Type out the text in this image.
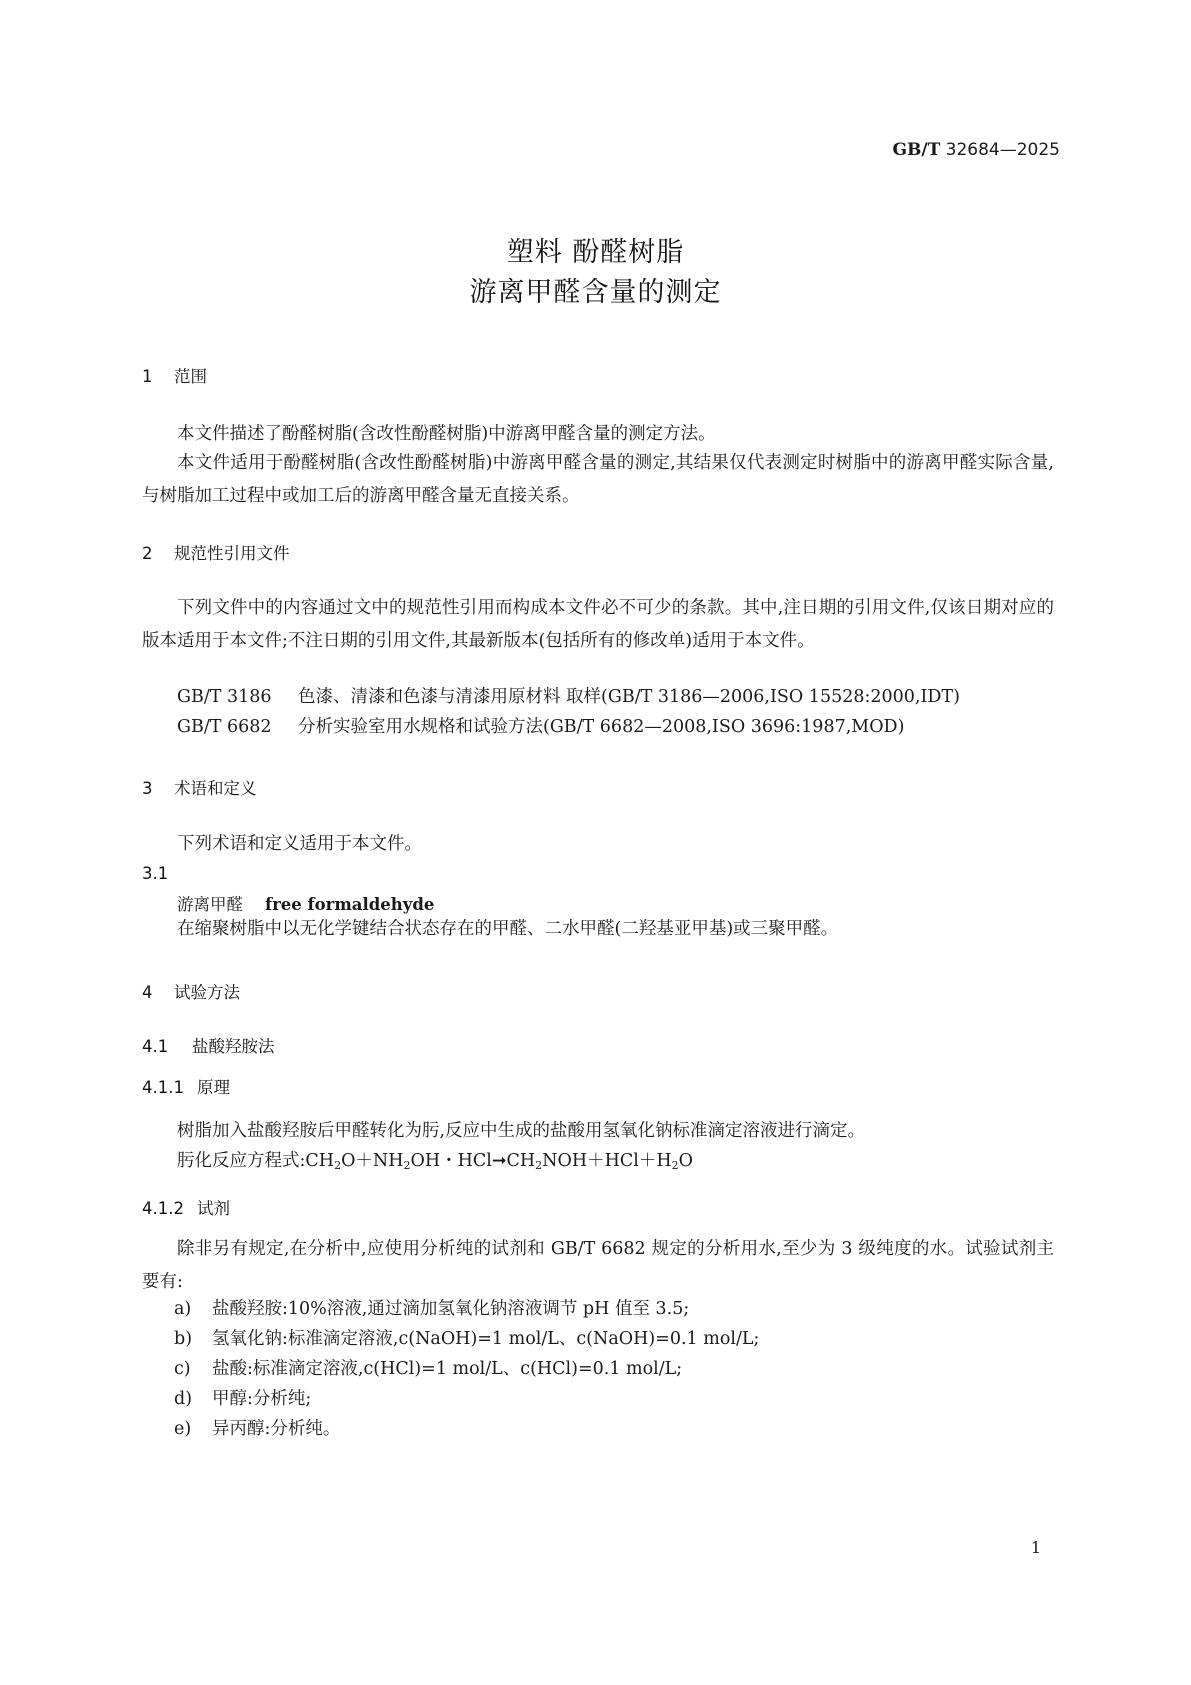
GB/T 32684—2025
塑料 酚醛树脂
游离甲醛含量的测定
1 范围
本文件描述了酚醛树脂(含改性酚醛树脂)中游离甲醛含量的测定方法。
本文件适用于酚醛树脂(含改性酚醛树脂)中游离甲醛含量的测定,其结果仅代表测定时树脂中的游离甲醛实际含量,与树脂加工过程中或加工后的游离甲醛含量无直接关系。
2 规范性引用文件
下列文件中的内容通过文中的规范性引用而构成本文件必不可少的条款。其中,注日期的引用文件,仅该日期对应的版本适用于本文件;不注日期的引用文件,其最新版本(包括所有的修改单)适用于本文件。
GB/T 3186 色漆、清漆和色漆与清漆用原材料 取样(GB/T 3186—2006,ISO 15528:2000,IDT)
GB/T 6682 分析实验室用水规格和试验方法(GB/T 6682—2008,ISO 3696:1987,MOD)
3 术语和定义
下列术语和定义适用于本文件。
3.1
游离甲醛 free formaldehyde
在缩聚树脂中以无化学键结合状态存在的甲醛、二水甲醛(二羟基亚甲基)或三聚甲醛。
4 试验方法
4.1 盐酸羟胺法
4.1.1 原理
树脂加入盐酸羟胺后甲醛转化为肟,反应中生成的盐酸用氢氧化钠标准滴定溶液进行滴定。
肟化反应方程式$:CH_2O+NH_2OH$・$HCl➞CH_2NOH+HCl+H_2O$
4.1.2 试剂
除非另有规定,在分析中,应使用分析纯的试剂和 GB/T 6682 规定的分析用水,至少为 3 级纯度的水。试验试剂主要有:
a) 盐酸羟胺:10%溶液,通过滴加氢氧化钠溶液调节 pH 值至 3.5;
b) 氢氧化钠:标准滴定溶液,c(NaOH)=1 mol/L、c(NaOH)=0.1 mol/L;
c) 盐酸:标准滴定溶液,c(HCl)=1 mol/L、c(HCl)=0.1 mol/L;
d) 甲醇:分析纯;
e) 异丙醇:分析纯。
1
